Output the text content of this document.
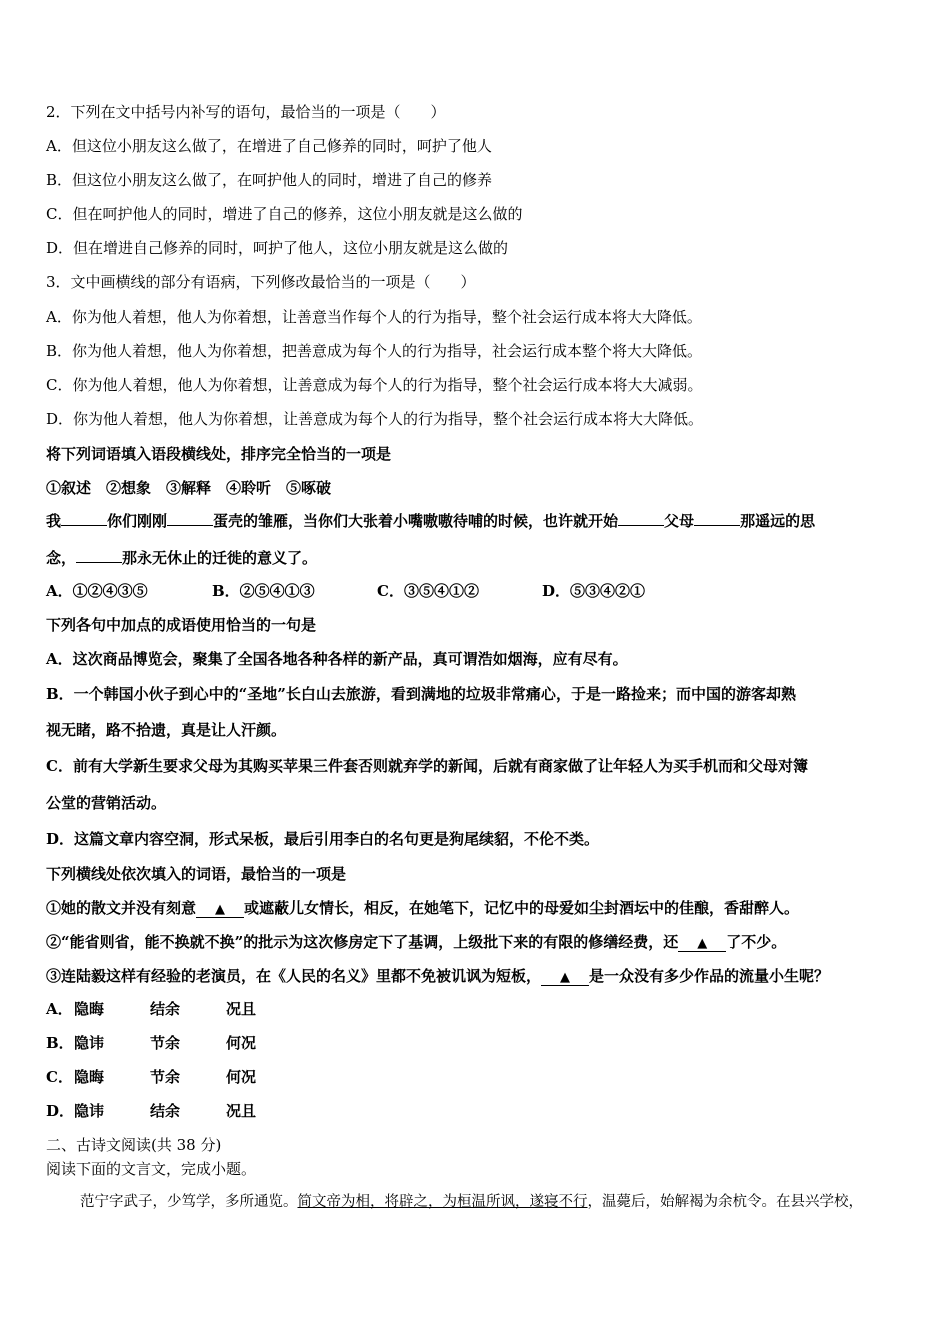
2．下列在文中括号内补写的语句，最恰当的一项是（　　）
A．但这位小朋友这么做了，在增进了自己修养的同时，呵护了他人
B．但这位小朋友这么做了，在呵护他人的同时，增进了自己的修养
C．但在呵护他人的同时，增进了自己的修养，这位小朋友就是这么做的
D．但在增进自己修养的同时，呵护了他人，这位小朋友就是这么做的
3．文中画横线的部分有语病，下列修改最恰当的一项是（　　）
A．你为他人着想，他人为你着想，让善意当作每个人的行为指导，整个社会运行成本将大大降低。
B．你为他人着想，他人为你着想，把善意成为每个人的行为指导，社会运行成本整个将大大降低。
C．你为他人着想，他人为你着想，让善意成为每个人的行为指导，整个社会运行成本将大大减弱。
D．你为他人着想，他人为你着想，让善意成为每个人的行为指导，整个社会运行成本将大大降低。
将下列词语填入语段横线处，排序完全恰当的一项是
①叙述　②想象　③解释　④聆听　⑤啄破
我	你们刚刚	蛋壳的雏雁，当你们大张着小嘴嗷嗷待哺的时候，也许就开始	父母	那遥远的思
念，	那永无休止的迁徙的意义了。
A．①②④③⑤	B．②⑤④①③	C．③⑤④①②	D．⑤③④②①
下列各句中加点的成语使用恰当的一句是
A．这次商品博览会，聚集了全国各地各种各样的新产品，真可谓浩如烟海，应有尽有。
B．一个韩国小伙子到心中的“圣地”长白山去旅游，看到满地的垃圾非常痛心，于是一路捡来；而中国的游客却熟
视无睹，路不拾遗，真是让人汗颜。
C．前有大学新生要求父母为其购买苹果三件套否则就弃学的新闻，后就有商家做了让年轻人为买手机而和父母对簿
公堂的营销活动。
D．这篇文章内容空洞，形式呆板，最后引用李白的名句更是狗尾续貂，不伦不类。
下列横线处依次填入的词语，最恰当的一项是
①她的散文并没有刻意 ▲ 或遮蔽儿女情长，相反，在她笔下，记忆中的母爱如尘封酒坛中的佳酿，香甜醉人。
②“能省则省，能不换就不换”的批示为这次修房定下了基调，上级批下来的有限的修缮经费，还 ▲ 了不少。
③连陆毅这样有经验的老演员，在《人民的名义》里都不免被讥讽为短板， ▲ 是一众没有多少作品的流量小生呢？
A．隐晦	结余	况且
B．隐讳	节余	何况
C．隐晦	节余	何况
D．隐讳	结余	况且
二、古诗文阅读(共 38 分)
阅读下面的文言文，完成小题。
范宁字武子，少笃学，多所通览。简文帝为相，将辟之，为桓温所讽，遂寝不行，温薨后，始解褐为余杭令。在县兴学校，
